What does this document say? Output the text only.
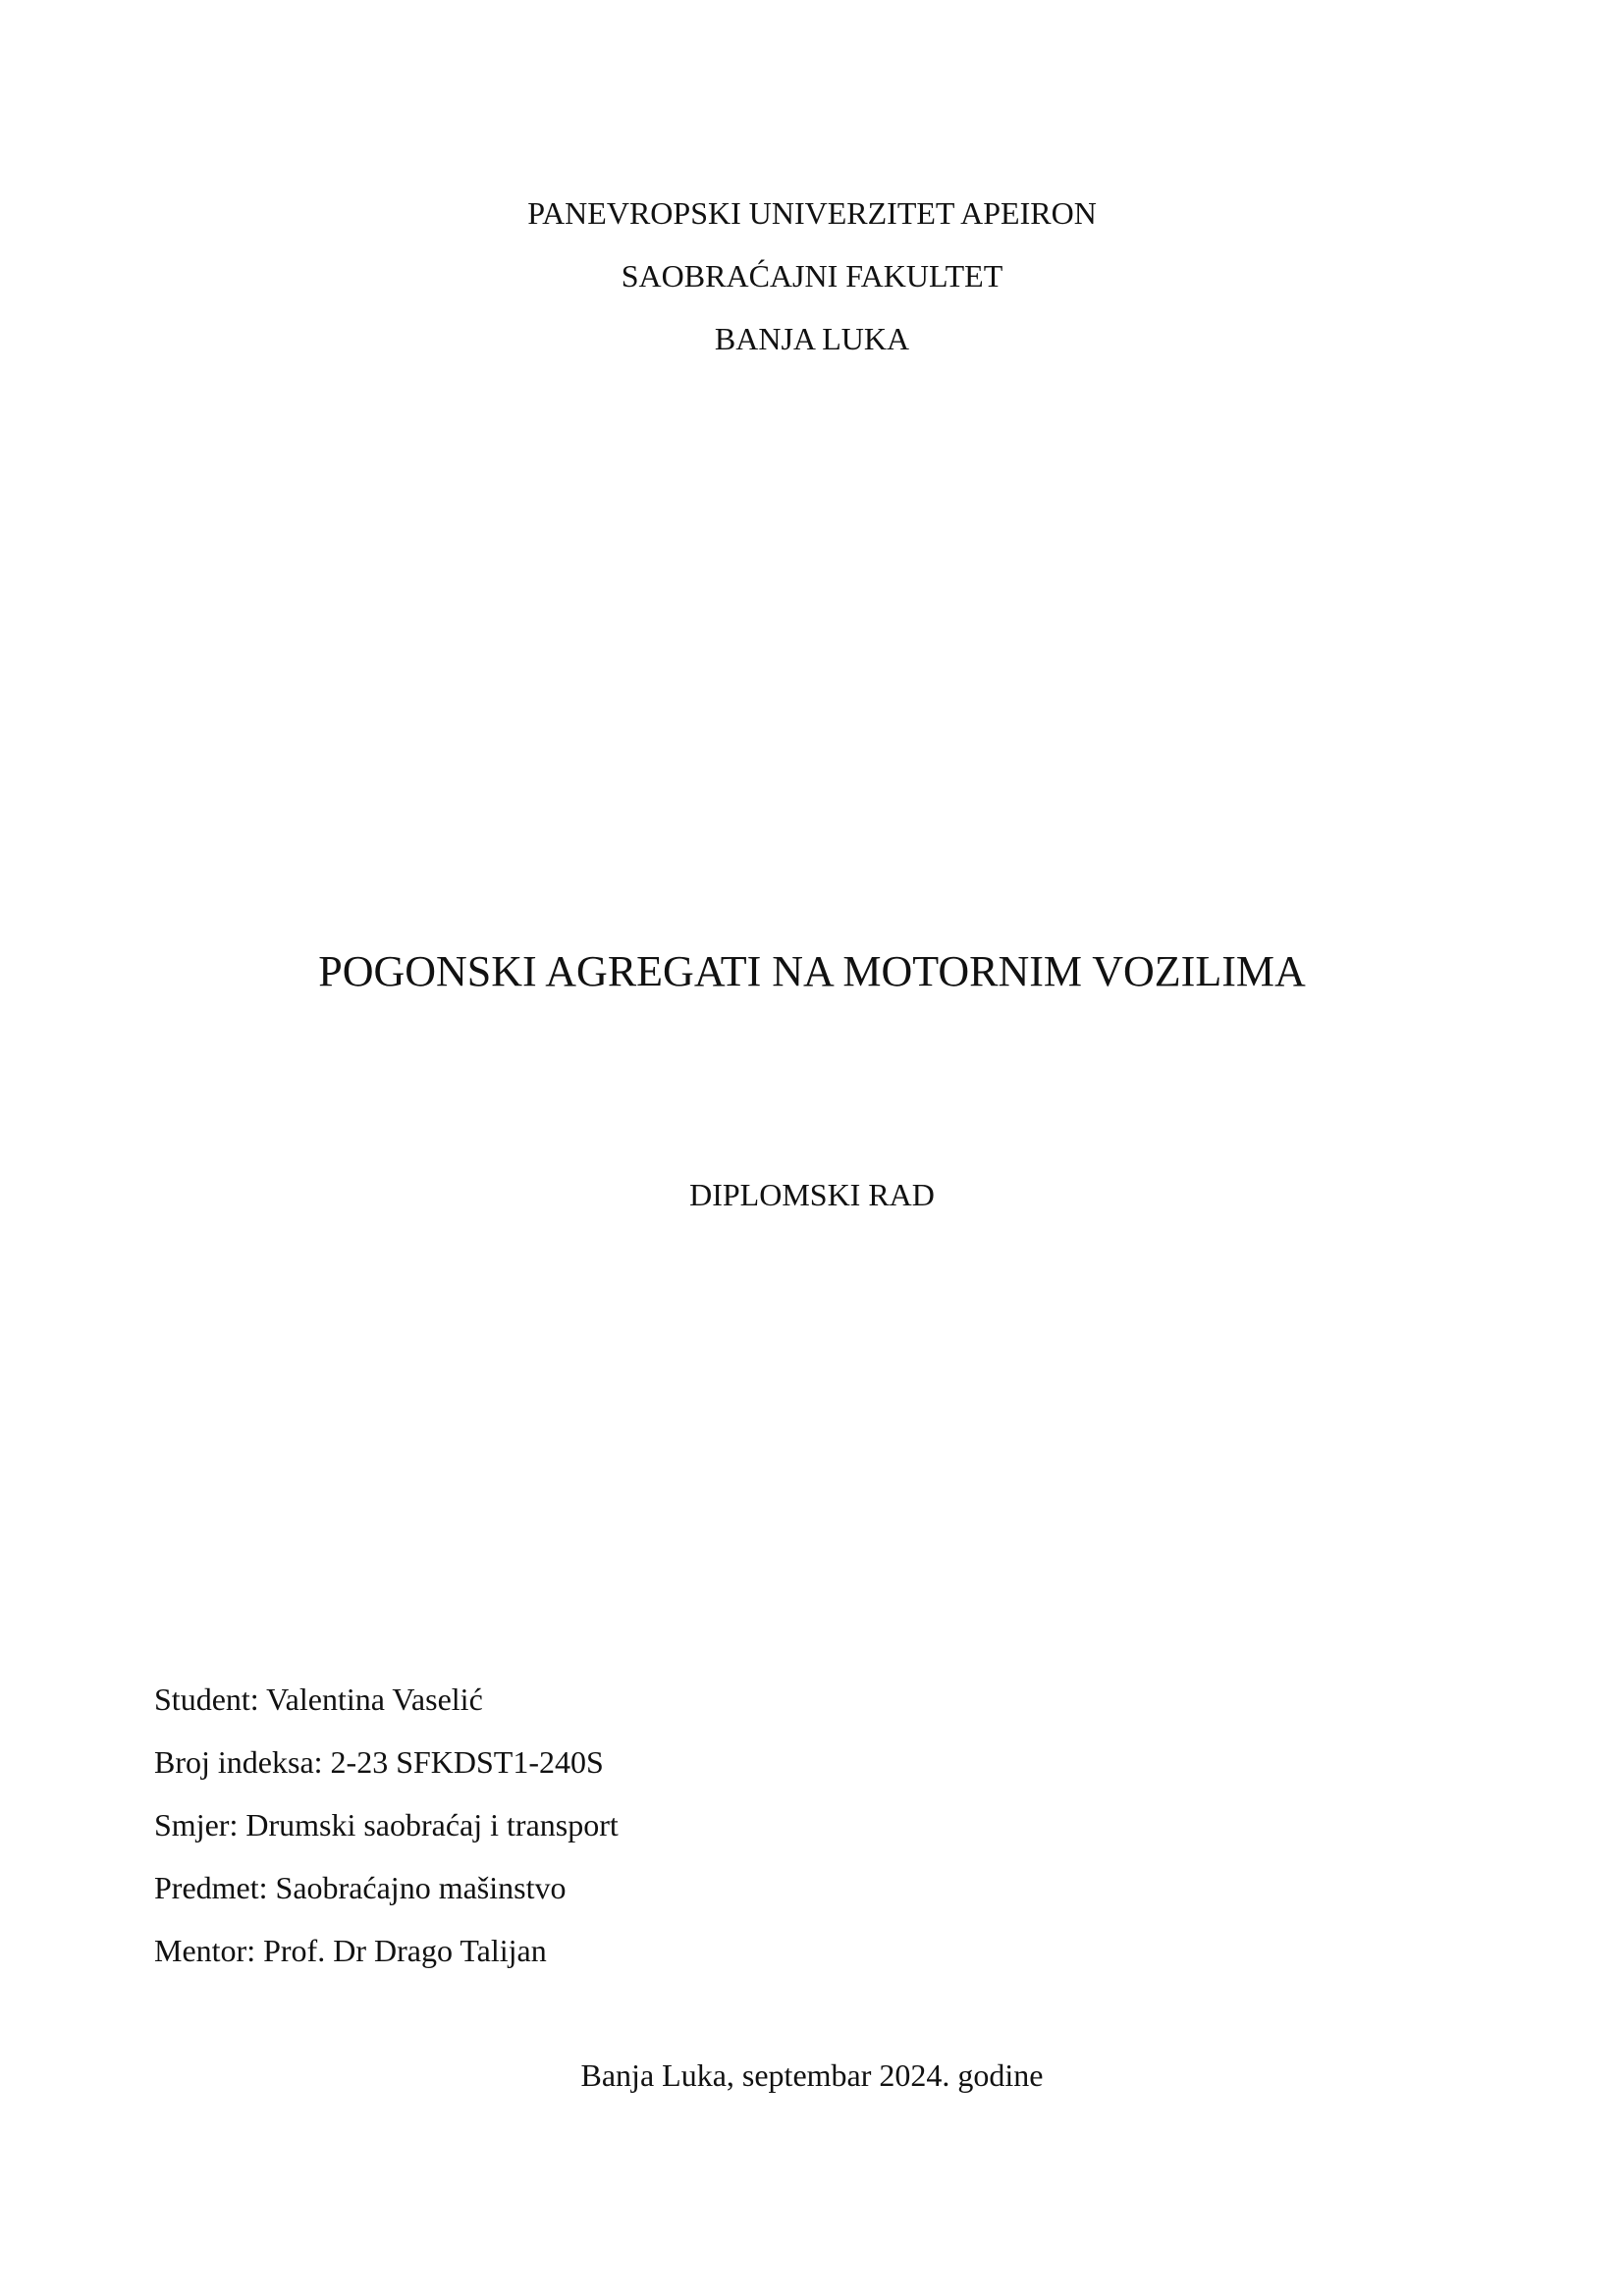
PANEVROPSKI UNIVERZITET APEIRON
SAOBRAĆAJNI FAKULTET
BANJA LUKA
POGONSKI AGREGATI NA MOTORNIM VOZILIMA
DIPLOMSKI RAD
Student: Valentina Vaselić
Broj indeksa: 2-23 SFKDST1-240S
Smjer: Drumski saobraćaj i transport
Predmet: Saobraćajno mašinstvo
Mentor: Prof. Dr Drago Talijan
Banja Luka, septembar 2024. godine
